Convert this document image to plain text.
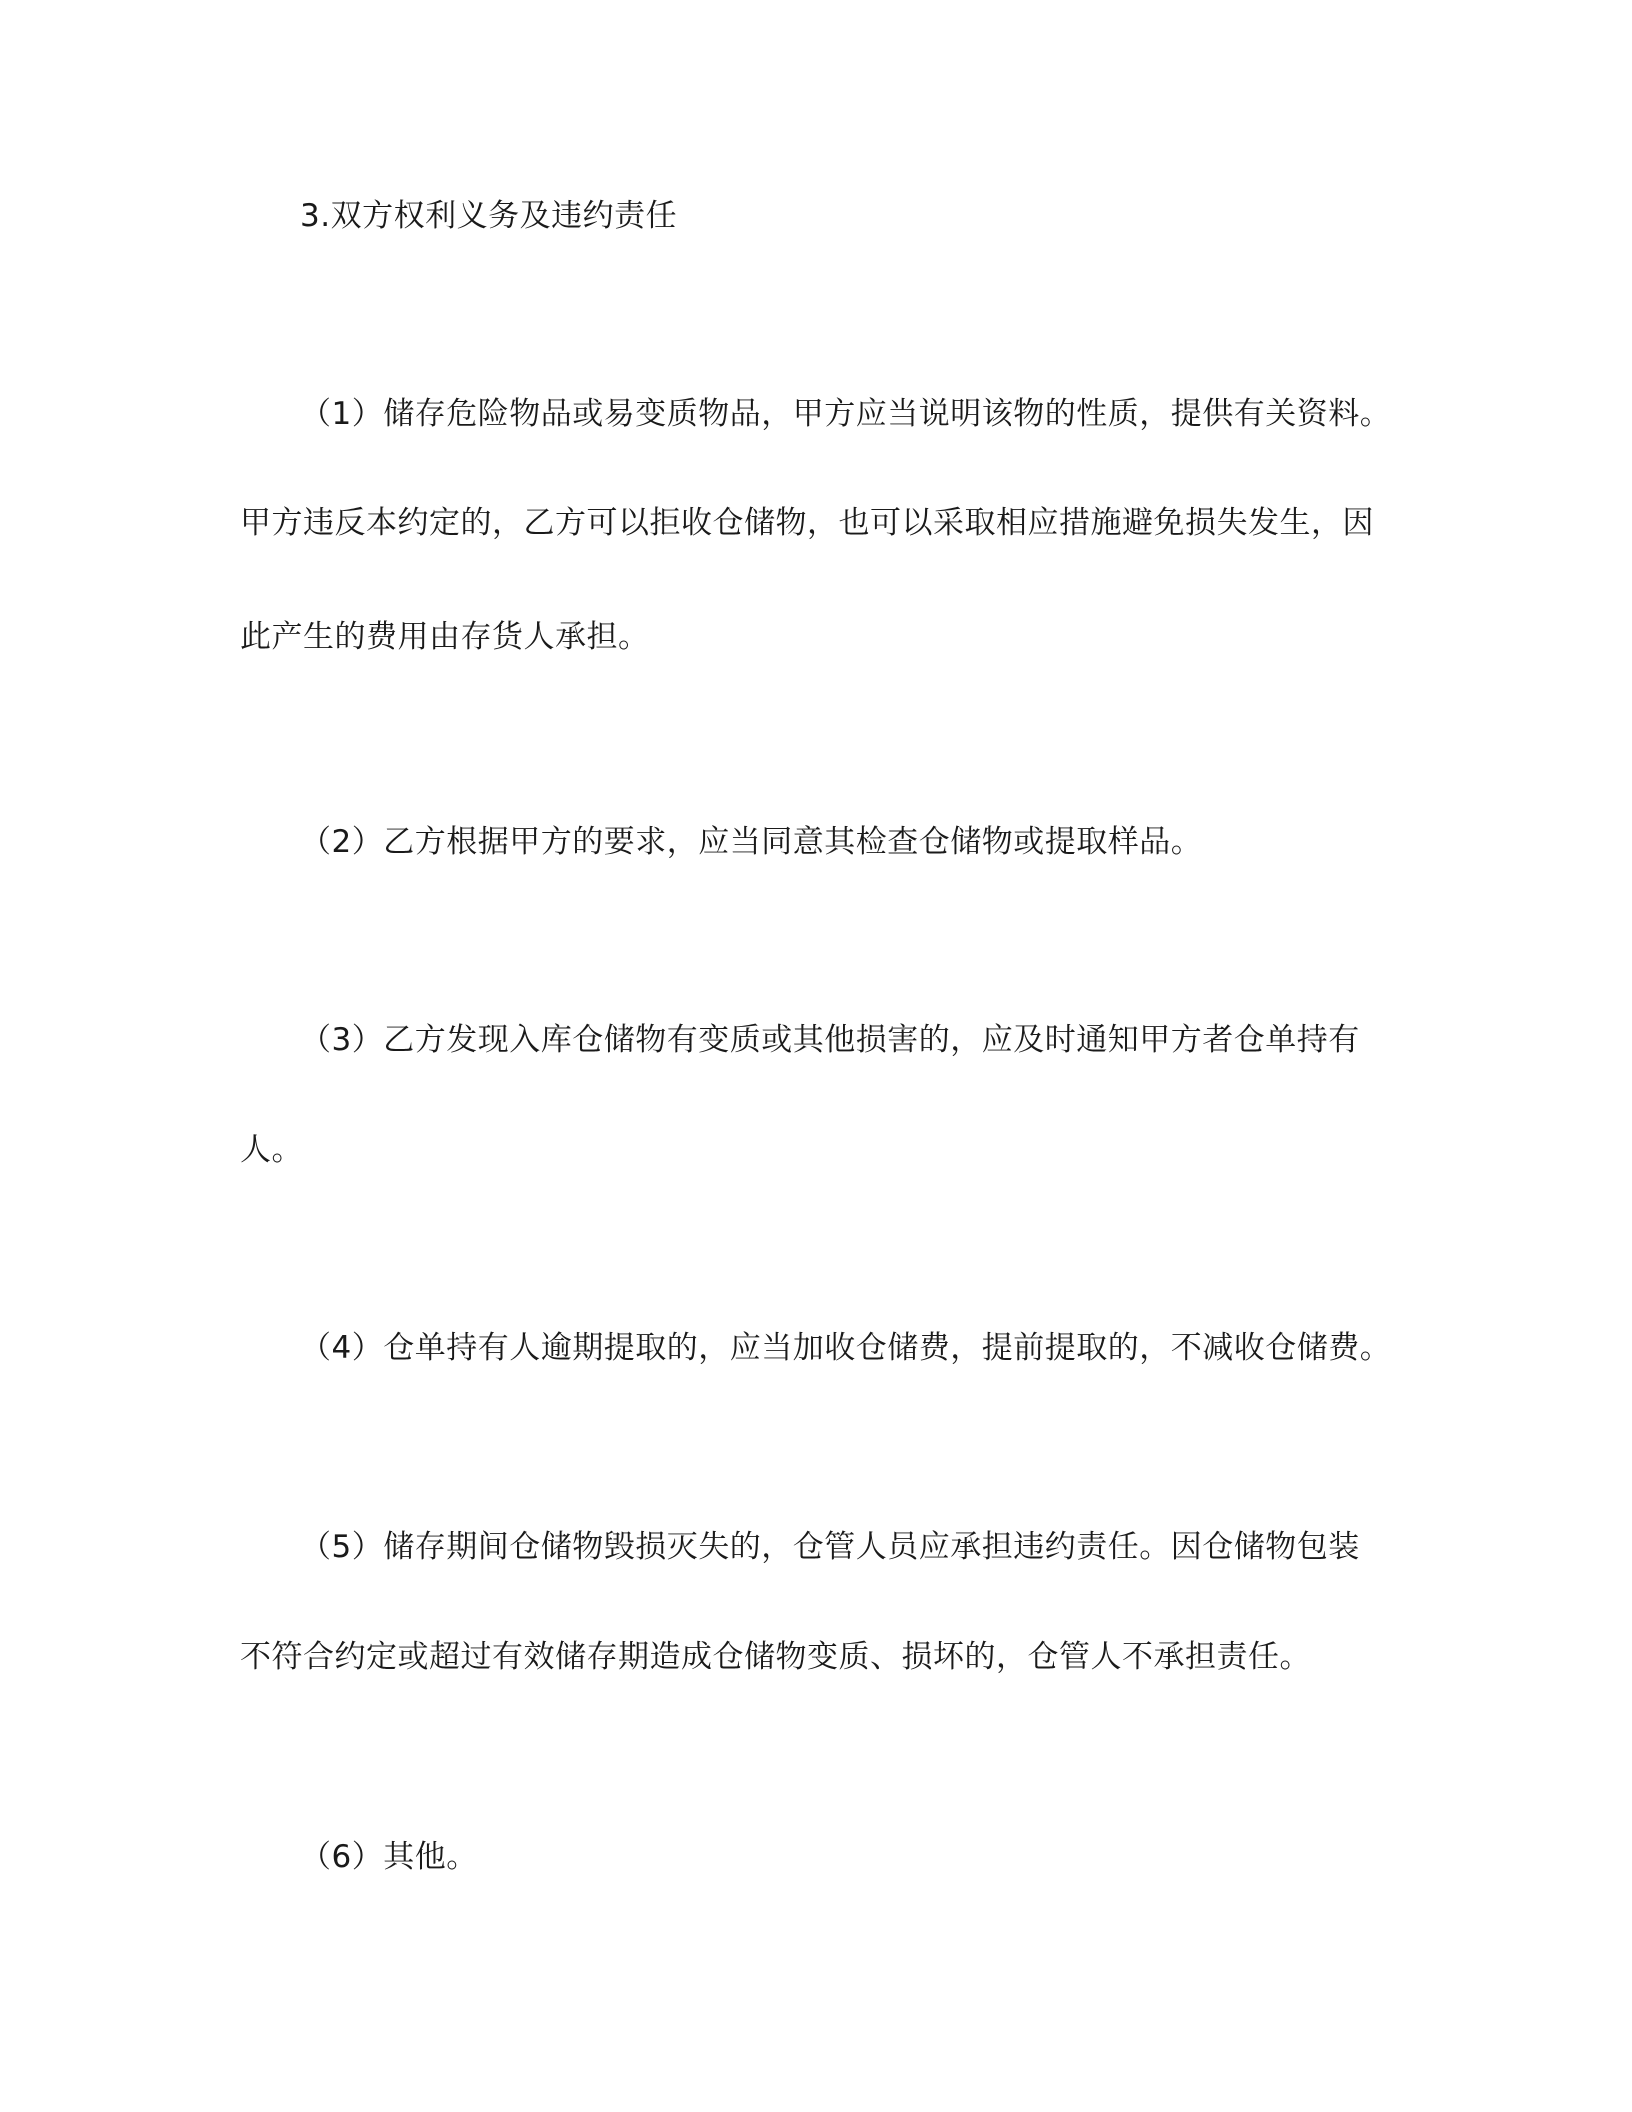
3.双方权利义务及违约责任
（1）储存危险物品或易变质物品，甲方应当说明该物的性质，提供有关资料。
甲方违反本约定的，乙方可以拒收仓储物，也可以采取相应措施避免损失发生，因
此产生的费用由存货人承担。
（2）乙方根据甲方的要求，应当同意其检查仓储物或提取样品。
（3）乙方发现入库仓储物有变质或其他损害的，应及时通知甲方者仓单持有
人。
（4）仓单持有人逾期提取的，应当加收仓储费，提前提取的，不减收仓储费。
（5）储存期间仓储物毁损灭失的，仓管人员应承担违约责任。因仓储物包装
不符合约定或超过有效储存期造成仓储物变质、损坏的，仓管人不承担责任。
（6）其他。
